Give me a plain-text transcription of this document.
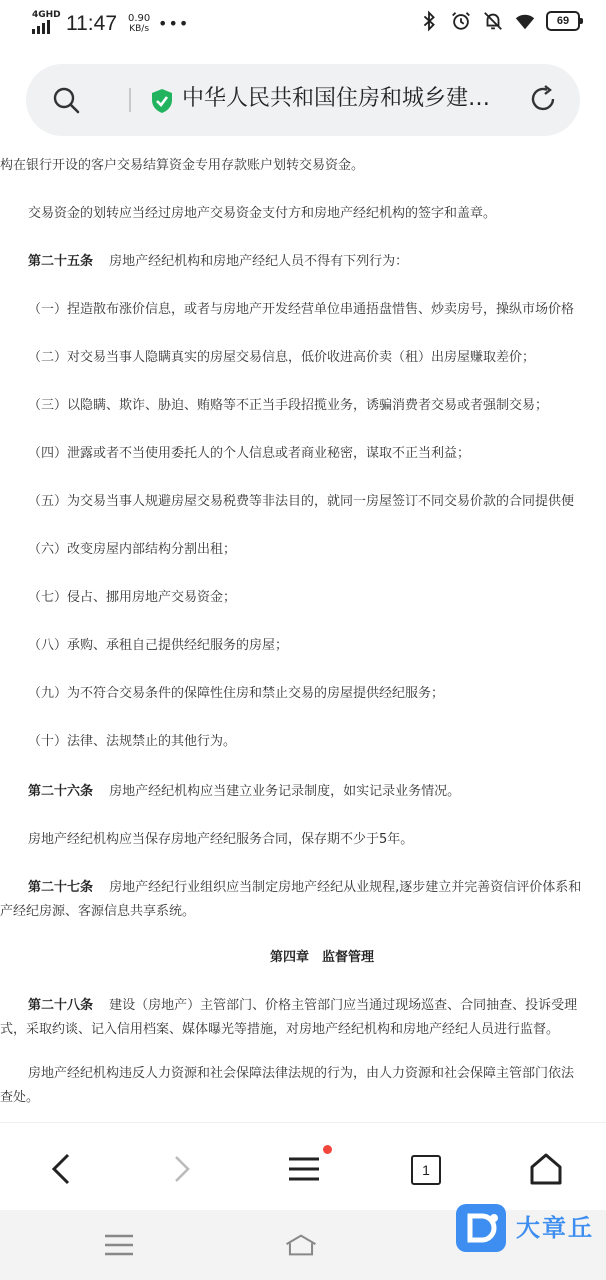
4GHD 11:47 0.90
KB/s •••	69
中华人民共和国住房和城乡建…
构在银行开设的客户交易结算资金专用存款账户划转交易资金。
交易资金的划转应当经过房地产交易资金支付方和房地产经纪机构的签字和盖章。
第二十五条 房地产经纪机构和房地产经纪人员不得有下列行为：
（一）捏造散布涨价信息，或者与房地产开发经营单位串通捂盘惜售、炒卖房号，操纵市场价格
（二）对交易当事人隐瞒真实的房屋交易信息，低价收进高价卖（租）出房屋赚取差价；
（三）以隐瞒、欺诈、胁迫、贿赂等不正当手段招揽业务，诱骗消费者交易或者强制交易；
（四）泄露或者不当使用委托人的个人信息或者商业秘密，谋取不正当利益；
（五）为交易当事人规避房屋交易税费等非法目的，就同一房屋签订不同交易价款的合同提供便
（六）改变房屋内部结构分割出租；
（七）侵占、挪用房地产交易资金；
（八）承购、承租自己提供经纪服务的房屋；
（九）为不符合交易条件的保障性住房和禁止交易的房屋提供经纪服务；
（十）法律、法规禁止的其他行为。
第二十六条 房地产经纪机构应当建立业务记录制度，如实记录业务情况。
房地产经纪机构应当保存房地产经纪服务合同，保存期不少于5年。
第二十七条 房地产经纪行业组织应当制定房地产经纪从业规程,逐步建立并完善资信评价体系和
产经纪房源、客源信息共享系统。
第四章　监督管理
第二十八条 建设（房地产）主管部门、价格主管部门应当通过现场巡查、合同抽查、投诉受理
式，采取约谈、记入信用档案、媒体曝光等措施，对房地产经纪机构和房地产经纪人员进行监督。
房地产经纪机构违反人力资源和社会保障法律法规的行为，由人力资源和社会保障主管部门依法
查处。
1
大章丘
